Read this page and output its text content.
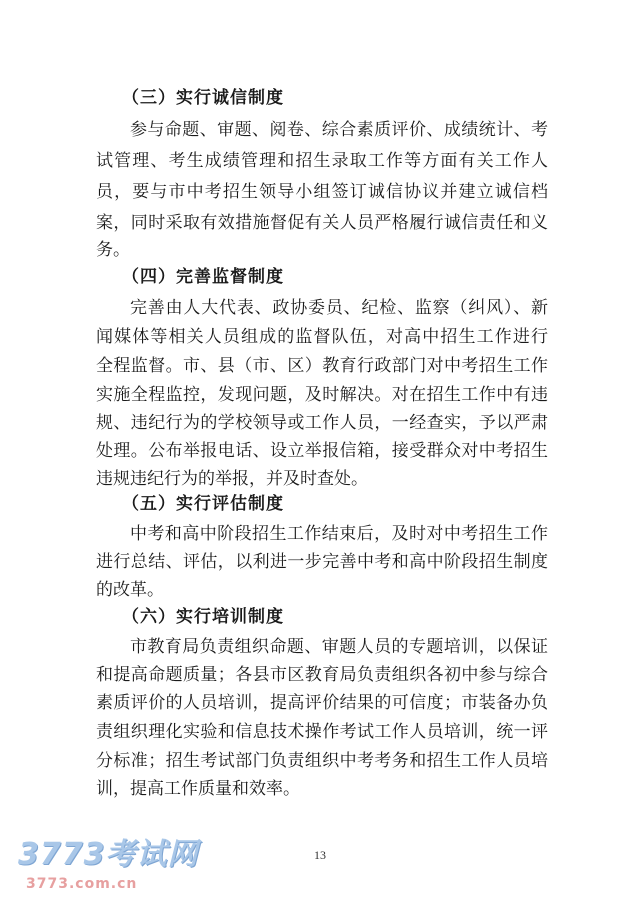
（三）实行诚信制度
参与命题、审题、阅卷、综合素质评价、成绩统计、考
试管理、考生成绩管理和招生录取工作等方面有关工作人
员，要与市中考招生领导小组签订诚信协议并建立诚信档
案，同时采取有效措施督促有关人员严格履行诚信责任和义
务。
（四）完善监督制度
完善由人大代表、政协委员、纪检、监察（纠风）、新
闻媒体等相关人员组成的监督队伍，对高中招生工作进行
全程监督。市、县（市、区）教育行政部门对中考招生工作
实施全程监控，发现问题，及时解决。对在招生工作中有违
规、违纪行为的学校领导或工作人员，一经查实，予以严肃
处理。公布举报电话、设立举报信箱，接受群众对中考招生
违规违纪行为的举报，并及时查处。
（五）实行评估制度
中考和高中阶段招生工作结束后，及时对中考招生工作
进行总结、评估，以利进一步完善中考和高中阶段招生制度
的改革。
（六）实行培训制度
市教育局负责组织命题、审题人员的专题培训，以保证
和提高命题质量；各县市区教育局负责组织各初中参与综合
素质评价的人员培训，提高评价结果的可信度；市装备办负
责组织理化实验和信息技术操作考试工作人员培训，统一评
分标准；招生考试部门负责组织中考考务和招生工作人员培
训，提高工作质量和效率。
13
3773考试网
3773.com.cn
